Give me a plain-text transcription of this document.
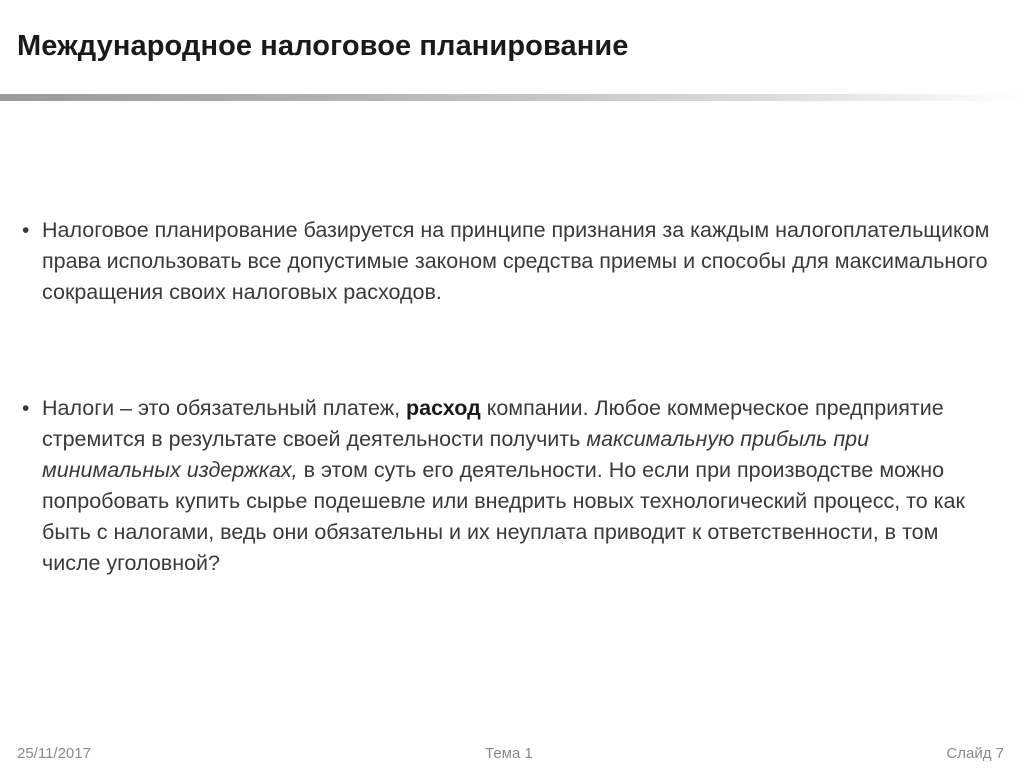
Международное налоговое планирование
• Налоговое планирование базируется на принципе признания за каждым налогоплательщиком права использовать все допустимые законом средства приемы и способы для максимального сокращения своих налоговых расходов.

• Налоги – это обязательный платеж, расход компании. Любое коммерческое предприятие стремится в результате своей деятельности получить максимальную прибыль при минимальных издержках, в этом суть его деятельности. Но если при производстве можно попробовать купить сырье подешевле или внедрить новых технологический процесс, то как быть с налогами, ведь они обязательны и их неуплата приводит к ответственности, в том числе уголовной?

25/11/2017	Тема 1	Слайд 7
